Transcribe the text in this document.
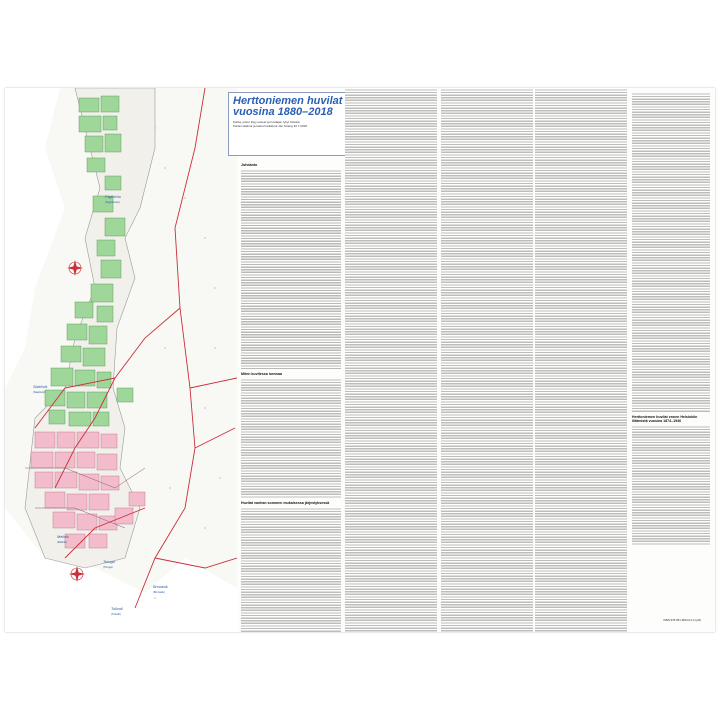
Fagötcho
(Fagötsman)
Slattövik
(Saattovik)
Mellnik
(Mellnik)
Toruga
(Toruga)
Tullvall
(Tullvall)
Bronasik
(Bronasik)
Herttoniemen huvilat
vuosina 1880–2018
Kartta, johon liityy esseet ja huvilajen lyhyt historia
Kartan laatinut ja tiedot hankkinut Jan Strang 30.7.2018
Johdanto
Miten kuvitessa luessaa
Huvilat vanhan sommen mukaisessa järjestyksessä
Herttoniemen huvilat ennen Helsinkiin liitämistä vuosina 1874–1946
ISBN 978-951-98123-3-3 (pdf)
